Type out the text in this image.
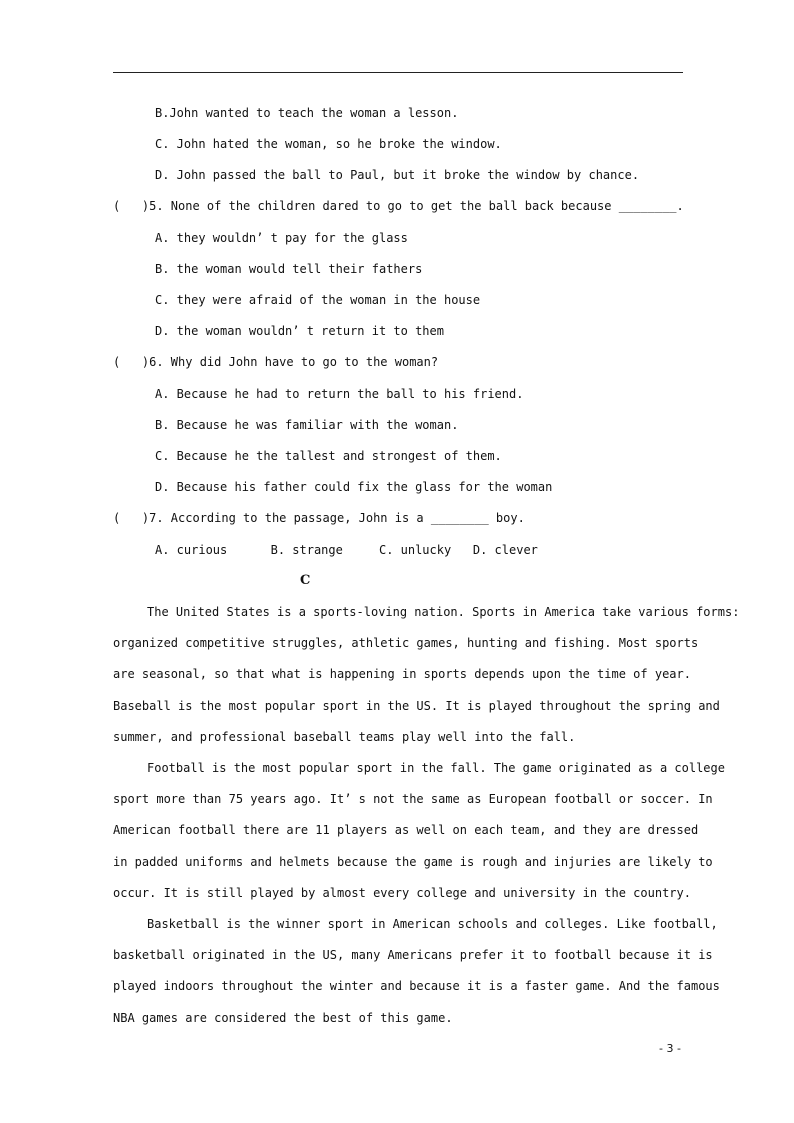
B.John wanted to teach the woman a lesson.
C. John hated the woman, so he broke the window.
D. John passed the ball to Paul, but it broke the window by chance.
(   )5. None of the children dared to go to get the ball back because ________.
A. they wouldn’ t pay for the glass
B. the woman would tell their fathers
C. they were afraid of the woman in the house
D. the woman wouldn’ t return it to them
(   )6. Why did John have to go to the woman?
A. Because he had to return the ball to his friend.
B. Because he was familiar with the woman.
C. Because he the tallest and strongest of them.
D. Because his father could fix the glass for the woman
(   )7. According to the passage, John is a ________ boy.
A. curious      B. strange     C. unlucky   D. clever
C
The United States is a sports-loving nation. Sports in America take various forms:
organized competitive struggles, athletic games, hunting and fishing. Most sports
are seasonal, so that what is happening in sports depends upon the time of year.
Baseball is the most popular sport in the US. It is played throughout the spring and
summer, and professional baseball teams play well into the fall.
Football is the most popular sport in the fall. The game originated as a college
sport more than 75 years ago. It’ s not the same as European football or soccer. In
American football there are 11 players as well on each team, and they are dressed
in padded uniforms and helmets because the game is rough and injuries are likely to
occur. It is still played by almost every college and university in the country.
Basketball is the winner sport in American schools and colleges. Like football,
basketball originated in the US, many Americans prefer it to football because it is
played indoors throughout the winter and because it is a faster game. And the famous
NBA games are considered the best of this game.
- 3 -
